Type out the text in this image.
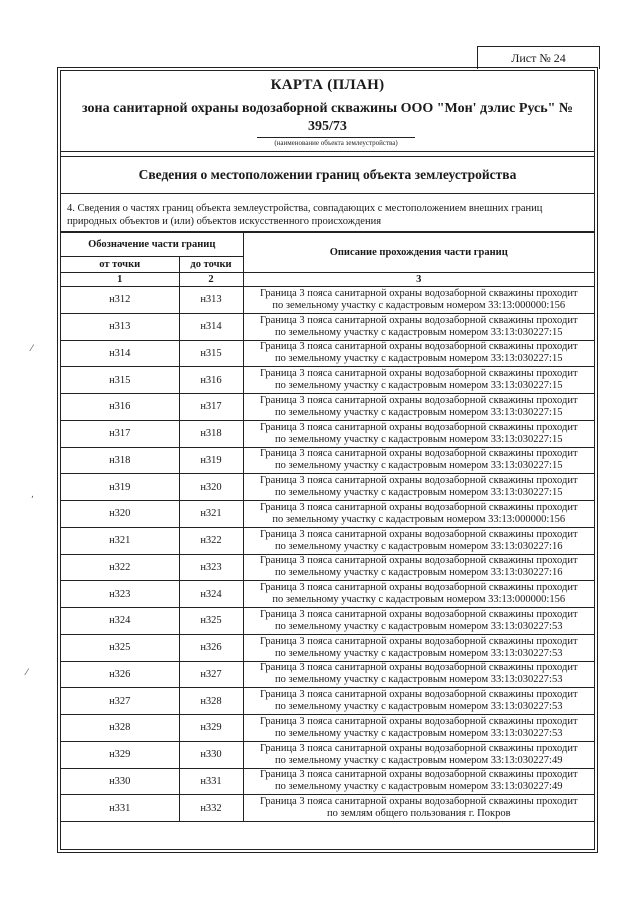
Лист № 24
КАРТА (ПЛАН)
зона санитарной охраны водозаборной скважины ООО "Мон' дэлис Русь" № 395/73
(наименование объекта землеустройства)
Сведения о местоположении границ объекта землеустройства
4. Сведения о частях границ объекта землеустройства, совпадающих с местоположением внешних границ природных объектов и (или) объектов искусственного происхождения
Обозначение части границ		Описание прохождения части границ
от точки	до точки	
1	2	3
н312	н313	Граница 3 пояса санитарной охраны водозаборной скважины проходит
по земельному участку с кадастровым номером 33:13:000000:156

н313	н314	Граница 3 пояса санитарной охраны водозаборной скважины проходит
по земельному участку с кадастровым номером 33:13:030227:15

н314	н315	Граница 3 пояса санитарной охраны водозаборной скважины проходит
по земельному участку с кадастровым номером 33:13:030227:15

н315	н316	Граница 3 пояса санитарной охраны водозаборной скважины проходит
по земельному участку с кадастровым номером 33:13:030227:15

н316	н317	Граница 3 пояса санитарной охраны водозаборной скважины проходит
по земельному участку с кадастровым номером 33:13:030227:15

н317	н318	Граница 3 пояса санитарной охраны водозаборной скважины проходит
по земельному участку с кадастровым номером 33:13:030227:15

н318	н319	Граница 3 пояса санитарной охраны водозаборной скважины проходит
по земельному участку с кадастровым номером 33:13:030227:15

н319	н320	Граница 3 пояса санитарной охраны водозаборной скважины проходит
по земельному участку с кадастровым номером 33:13:030227:15

н320	н321	Граница 3 пояса санитарной охраны водозаборной скважины проходит
по земельному участку с кадастровым номером 33:13:000000:156

н321	н322	Граница 3 пояса санитарной охраны водозаборной скважины проходит
по земельному участку с кадастровым номером 33:13:030227:16

н322	н323	Граница 3 пояса санитарной охраны водозаборной скважины проходит
по земельному участку с кадастровым номером 33:13:030227:16

н323	н324	Граница 3 пояса санитарной охраны водозаборной скважины проходит
по земельному участку с кадастровым номером 33:13:000000:156

н324	н325	Граница 3 пояса санитарной охраны водозаборной скважины проходит
по земельному участку с кадастровым номером 33:13:030227:53

н325	н326	Граница 3 пояса санитарной охраны водозаборной скважины проходит
по земельному участку с кадастровым номером 33:13:030227:53

н326	н327	Граница 3 пояса санитарной охраны водозаборной скважины проходит
по земельному участку с кадастровым номером 33:13:030227:53

н327	н328	Граница 3 пояса санитарной охраны водозаборной скважины проходит
по земельному участку с кадастровым номером 33:13:030227:53

н328	н329	Граница 3 пояса санитарной охраны водозаборной скважины проходит
по земельному участку с кадастровым номером 33:13:030227:53

н329	н330	Граница 3 пояса санитарной охраны водозаборной скважины проходит
по земельному участку с кадастровым номером 33:13:030227:49

н330	н331	Граница 3 пояса санитарной охраны водозаборной скважины проходит
по земельному участку с кадастровым номером 33:13:030227:49

н331	н332	Граница 3 пояса санитарной охраны водозаборной скважины проходит
по землям общего пользования г. Покров
⁄
,
⁄
